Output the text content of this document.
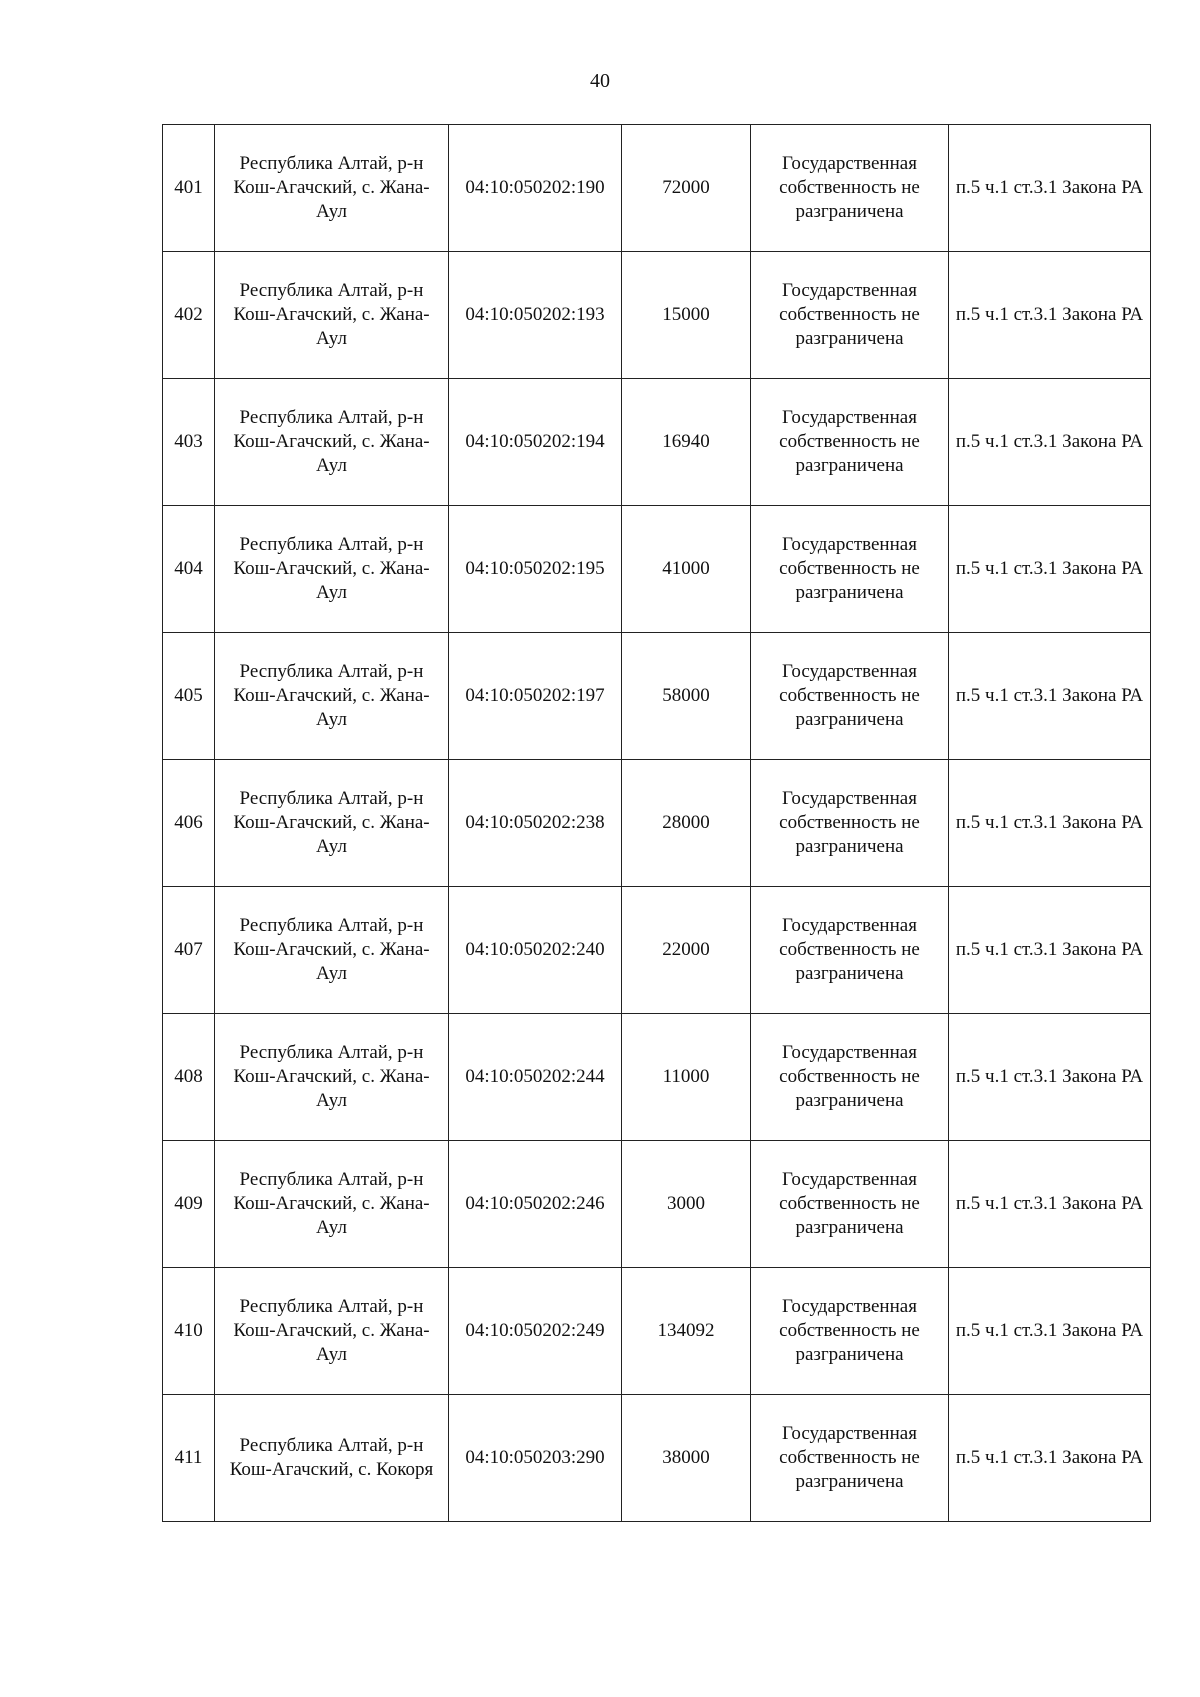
40
401	Республика Алтай, р-н Кош-Агачский, с. Жана-Аул	04:10:050202:190	72000	Государственная собственность не разграничена	п.5 ч.1 ст.3.1 Закона РА
402	Республика Алтай, р-н Кош-Агачский, с. Жана-Аул	04:10:050202:193	15000	Государственная собственность не разграничена	п.5 ч.1 ст.3.1 Закона РА
403	Республика Алтай, р-н Кош-Агачский, с. Жана-Аул	04:10:050202:194	16940	Государственная собственность не разграничена	п.5 ч.1 ст.3.1 Закона РА
404	Республика Алтай, р-н Кош-Агачский, с. Жана-Аул	04:10:050202:195	41000	Государственная собственность не разграничена	п.5 ч.1 ст.3.1 Закона РА
405	Республика Алтай, р-н Кош-Агачский, с. Жана-Аул	04:10:050202:197	58000	Государственная собственность не разграничена	п.5 ч.1 ст.3.1 Закона РА
406	Республика Алтай, р-н Кош-Агачский, с. Жана-Аул	04:10:050202:238	28000	Государственная собственность не разграничена	п.5 ч.1 ст.3.1 Закона РА
407	Республика Алтай, р-н Кош-Агачский, с. Жана-Аул	04:10:050202:240	22000	Государственная собственность не разграничена	п.5 ч.1 ст.3.1 Закона РА
408	Республика Алтай, р-н Кош-Агачский, с. Жана-Аул	04:10:050202:244	11000	Государственная собственность не разграничена	п.5 ч.1 ст.3.1 Закона РА
409	Республика Алтай, р-н Кош-Агачский, с. Жана-Аул	04:10:050202:246	3000	Государственная собственность не разграничена	п.5 ч.1 ст.3.1 Закона РА
410	Республика Алтай, р-н Кош-Агачский, с. Жана-Аул	04:10:050202:249	134092	Государственная собственность не разграничена	п.5 ч.1 ст.3.1 Закона РА
411	Республика Алтай, р-н Кош-Агачский, с. Кокоря	04:10:050203:290	38000	Государственная собственность не разграничена	п.5 ч.1 ст.3.1 Закона РА
